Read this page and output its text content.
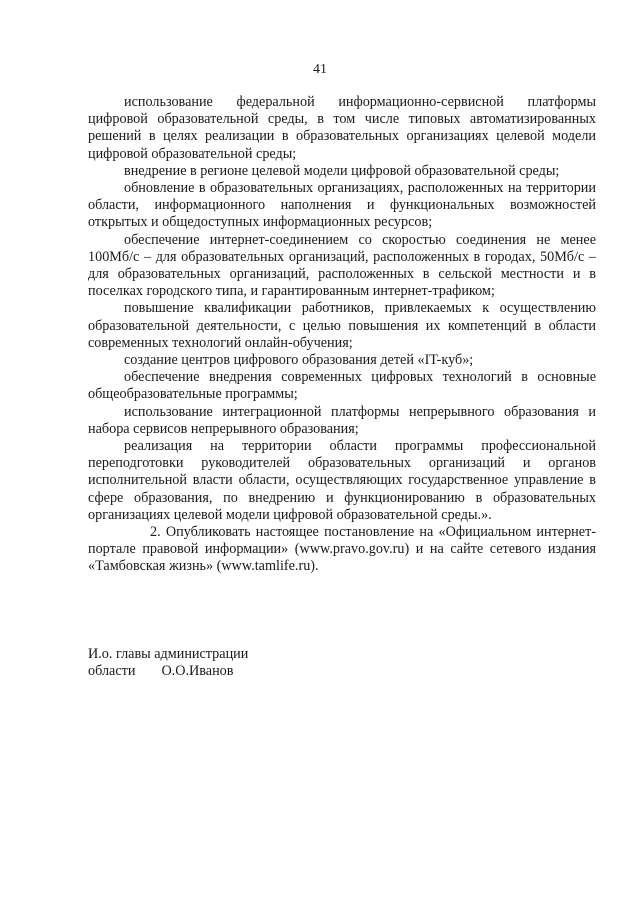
41

использование федеральной информационно-сервисной платформы цифровой образовательной среды, в том числе типовых автоматизированных решений в целях реализации в образовательных организациях целевой модели цифровой образовательной среды;

внедрение в регионе целевой модели цифровой образовательной среды;

обновление в образовательных организациях, расположенных на территории области, информационного наполнения и функциональных возможностей открытых и общедоступных информационных ресурсов;

обеспечение интернет-соединением со скоростью соединения не менее 100Мб/с – для образовательных организаций, расположенных в городах, 50Мб/с – для образовательных организаций, расположенных в сельской местности и в поселках городского типа, и гарантированным интернет-трафиком;

повышение квалификации работников, привлекаемых к осуществлению образовательной деятельности, с целью повышения их компетенций в области современных технологий онлайн-обучения;

создание центров цифрового образования детей «IT-куб»;

обеспечение внедрения современных цифровых технологий в основные общеобразовательные программы;

использование интеграционной платформы непрерывного образования и набора сервисов непрерывного образования;

реализация на территории области программы профессиональной переподготовки руководителей образовательных организаций и органов исполнительной власти области, осуществляющих государственное управление в сфере образования, по внедрению и функционированию в образовательных организациях целевой модели цифровой образовательной среды.».

2. Опубликовать настоящее постановление на «Официальном интернет-портале правовой информации» (www.pravo.gov.ru) и на сайте сетевого издания «Тамбовская жизнь» (www.tamlife.ru).

И.о. главы администрации
области О.О.Иванов
